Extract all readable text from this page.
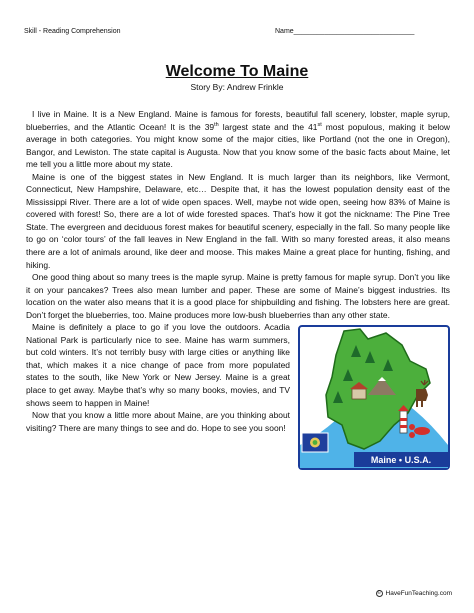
Skill - Reading Comprehension	Name_______________________________
Welcome To Maine
Story By: Andrew Frinkle

I live in Maine. It is a New England. Maine is famous for forests, beautiful fall scenery, lobster, maple syrup, blueberries, and the Atlantic Ocean! It is the 39th largest state and the 41st most populous, making it below average in both categories. You might know some of the major cities, like Portland (not the one in Oregon), Bangor, and Lewiston. The state capital is Augusta. Now that you know some of the basic facts about Maine, let me tell you a little more about my state.

Maine is one of the biggest states in New England. It is much larger than its neighbors, like Vermont, Connecticut, New Hampshire, Delaware, etc… Despite that, it has the lowest population density east of the Mississippi River. There are a lot of wide open spaces. Well, maybe not wide open, seeing how 83% of Maine is covered with forest! So, there are a lot of wide forested spaces. That’s how it got the nickname: The Pine Tree State. The evergreen and deciduous forest makes for beautiful scenery, especially in the fall. So many people like to go on ‘color tours’ of the fall leaves in New England in the fall. With so many forested areas, it also means there are a lot of animals around, like deer and moose. This makes Maine a great place for hunting, fishing, and hiking.

One good thing about so many trees is the maple syrup. Maine is pretty famous for maple syrup. Don’t you like it on your pancakes? Trees also mean lumber and paper. These are some of Maine’s biggest industries. Its location on the water also means that it is a good place for shipbuilding and fishing. The lobsters here are great. Don’t forget the blueberries, too. Maine produces more low-bush blueberries than any other state.

Maine • U.S.A.

Maine is definitely a place to go if you love the outdoors. Acadia National Park is particularly nice to see. Maine has warm summers, but cold winters. It’s not terribly busy with large cities or anything like that, which makes it a nice change of pace from more populated states to the south, like New York or New Jersey. Maine is a great place to get away. Maybe that’s why so many books, movies, and TV shows seem to happen in Maine!

Now that you know a little more about Maine, are you thinking about visiting? There are many things to see and do. Hope to see you soon!

© HaveFunTeaching.com
